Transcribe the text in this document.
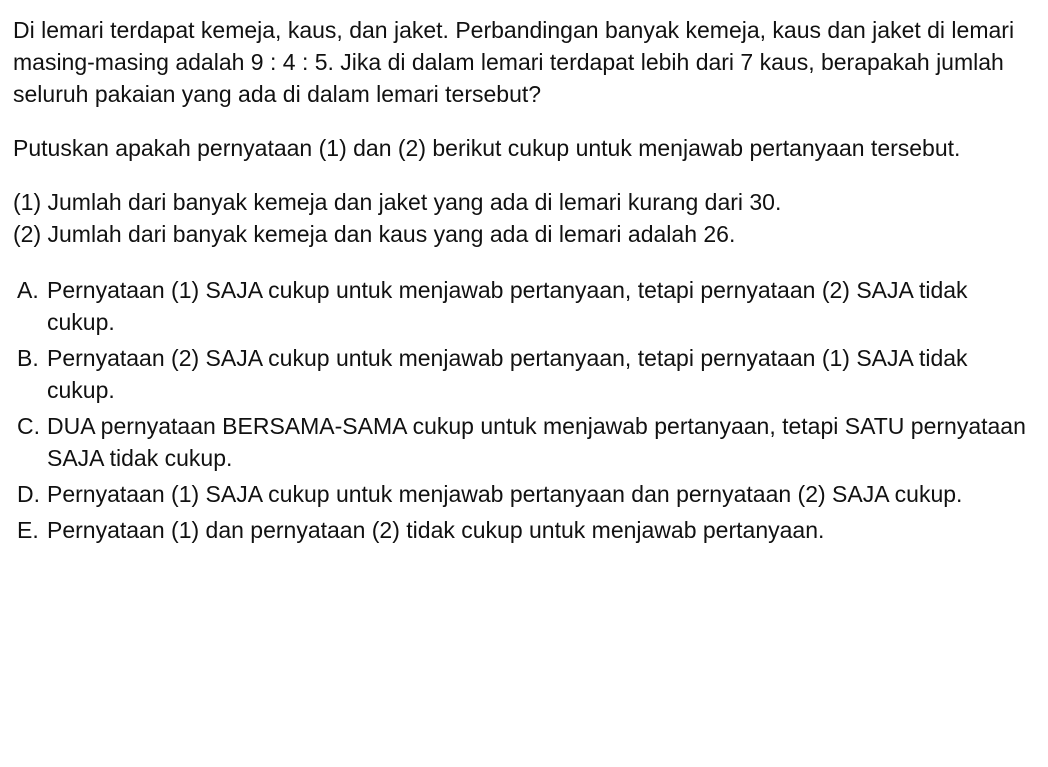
Di lemari terdapat kemeja, kaus, dan jaket. Perbandingan banyak kemeja, kaus dan jaket di lemari masing-masing adalah 9 : 4 : 5. Jika di dalam lemari terdapat lebih dari 7 kaus, berapakah jumlah seluruh pakaian yang ada di dalam lemari tersebut?

Putuskan apakah pernyataan (1) dan (2) berikut cukup untuk menjawab pertanyaan tersebut.

(1) Jumlah dari banyak kemeja dan jaket yang ada di lemari kurang dari 30.

(2) Jumlah dari banyak kemeja dan kaus yang ada di lemari adalah 26.

A. Pernyataan (1) SAJA cukup untuk menjawab pertanyaan, tetapi pernyataan (2) SAJA tidak cukup.
B. Pernyataan (2) SAJA cukup untuk menjawab pertanyaan, tetapi pernyataan (1) SAJA tidak cukup.
C. DUA pernyataan BERSAMA-SAMA cukup untuk menjawab pertanyaan, tetapi SATU pernyataan SAJA tidak cukup.
D. Pernyataan (1) SAJA cukup untuk menjawab pertanyaan dan pernyataan (2) SAJA cukup.
E. Pernyataan (1) dan pernyataan (2) tidak cukup untuk menjawab pertanyaan.
